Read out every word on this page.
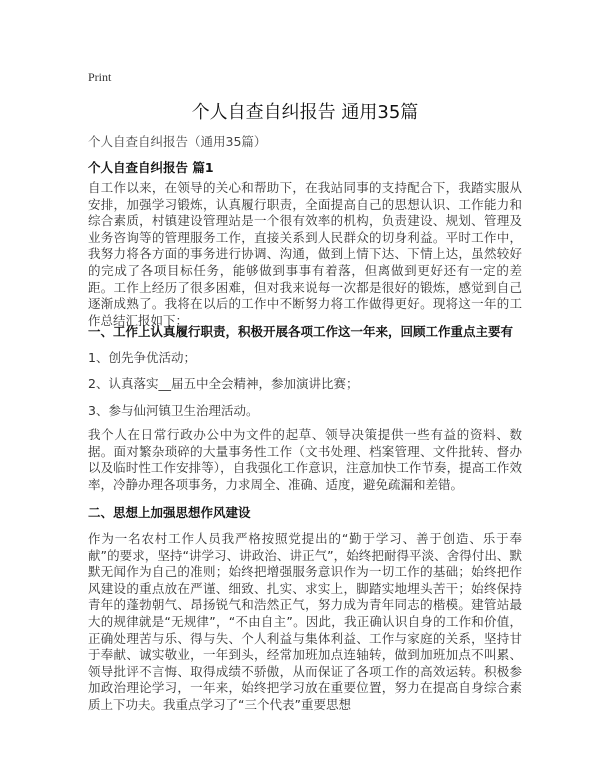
Print
个人自查自纠报告 通用35篇
个人自查自纠报告（通用35篇）
个人自查自纠报告 篇1
自工作以来，在领导的关心和帮助下，在我站同事的支持配合下，我踏实服从安排，加强学习锻炼，认真履行职责，全面提高自己的思想认识、工作能力和综合素质，村镇建设管理站是一个很有效率的机构，负责建设、规划、管理及业务咨询等的管理服务工作，直接关系到人民群众的切身利益。平时工作中，我努力将各方面的事务进行协调、沟通，做到上情下达、下情上达，虽然较好的完成了各项目标任务，能够做到事事有着落，但离做到更好还有一定的差距。工作上经历了很多困难，但对我来说每一次都是很好的锻炼，感觉到自己逐渐成熟了。我将在以后的工作中不断努力将工作做得更好。现将这一年的工作总结汇报如下：
一、工作上认真履行职责，积极开展各项工作这一年来，回顾工作重点主要有
1、创先争优活动；
2、认真落实__届五中全会精神，参加演讲比赛；
3、参与仙河镇卫生治理活动。
我个人在日常行政办公中为文件的起草、领导决策提供一些有益的资料、数据。面对繁杂琐碎的大量事务性工作（文书处理、档案管理、文件批转、督办以及临时性工作安排等），自我强化工作意识，注意加快工作节奏，提高工作效率，冷静办理各项事务，力求周全、准确、适度，避免疏漏和差错。
二、思想上加强思想作风建设
作为一名农村工作人员我严格按照党提出的“勤于学习、善于创造、乐于奉献”的要求，坚持“讲学习、讲政治、讲正气”，始终把耐得平淡、舍得付出、默默无闻作为自己的准则；始终把增强服务意识作为一切工作的基础；始终把作风建设的重点放在严谨、细致、扎实、求实上，脚踏实地埋头苦干；始终保持青年的蓬勃朝气、昂扬锐气和浩然正气，努力成为青年同志的楷模。建管站最大的规律就是“无规律”，“不由自主”。因此，我正确认识自身的工作和价值，正确处理苦与乐、得与失、个人利益与集体利益、工作与家庭的关系，坚持甘于奉献、诚实敬业，一年到头，经常加班加点连轴转，做到加班加点不叫累、领导批评不言悔、取得成绩不骄傲，从而保证了各项工作的高效运转。积极参加政治理论学习，一年来，始终把学习放在重要位置，努力在提高自身综合素质上下功夫。我重点学习了“三个代表”重要思想
